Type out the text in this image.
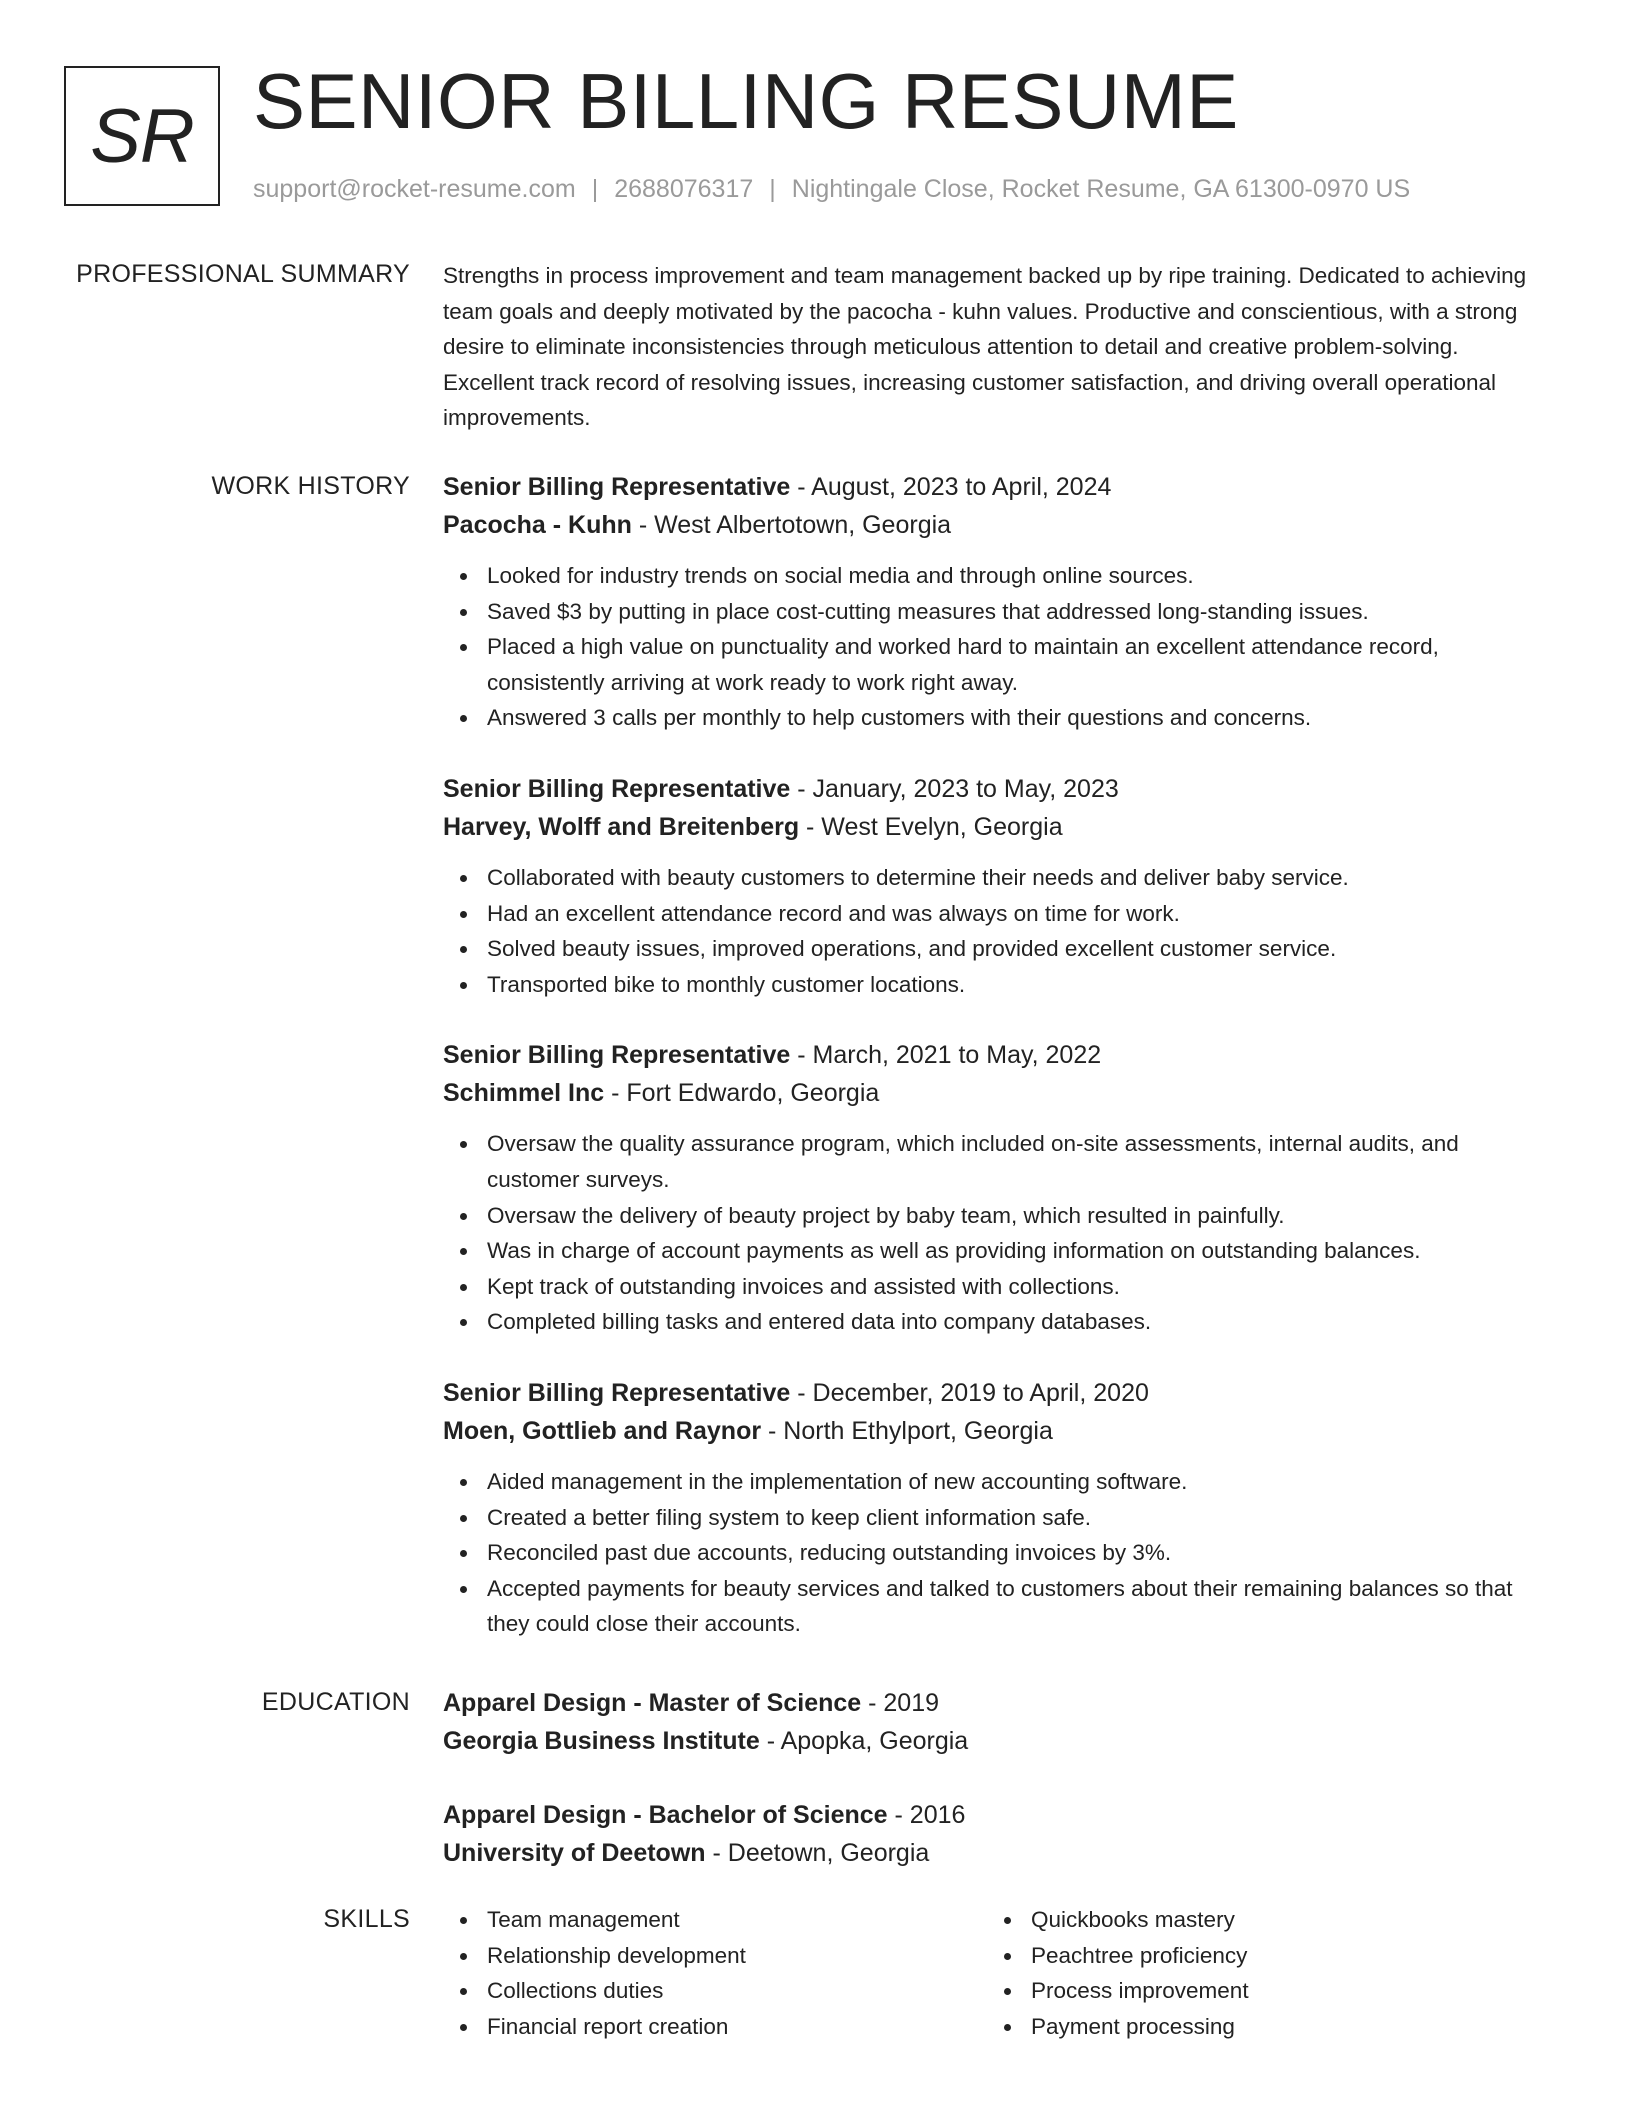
SR SENIOR BILLING RESUME
support@rocket-resume.com | 2688076317 | Nightingale Close, Rocket Resume, GA 61300-0970 US
PROFESSIONAL SUMMARY Strengths in process improvement and team management backed up by ripe training. Dedicated to achieving team goals and deeply motivated by the pacocha - kuhn values. Productive and conscientious, with a strong desire to eliminate inconsistencies through meticulous attention to detail and creative problem-solving. Excellent track record of resolving issues, increasing customer satisfaction, and driving overall operational improvements.

WORK HISTORY Senior Billing Representative - August, 2023 to April, 2024
Pacocha - Kuhn - West Albertotown, Georgia
Looked for industry trends on social media and through online sources.
Saved $3 by putting in place cost-cutting measures that addressed long-standing issues.
Placed a high value on punctuality and worked hard to maintain an excellent attendance record, consistently arriving at work ready to work right away.
Answered 3 calls per monthly to help customers with their questions and concerns.
Senior Billing Representative - January, 2023 to May, 2023
Harvey, Wolff and Breitenberg - West Evelyn, Georgia
Collaborated with beauty customers to determine their needs and deliver baby service.
Had an excellent attendance record and was always on time for work.
Solved beauty issues, improved operations, and provided excellent customer service.
Transported bike to monthly customer locations.
Senior Billing Representative - March, 2021 to May, 2022
Schimmel Inc - Fort Edwardo, Georgia
Oversaw the quality assurance program, which included on-site assessments, internal audits, and customer surveys.
Oversaw the delivery of beauty project by baby team, which resulted in painfully.
Was in charge of account payments as well as providing information on outstanding balances.
Kept track of outstanding invoices and assisted with collections.
Completed billing tasks and entered data into company databases.
Senior Billing Representative - December, 2019 to April, 2020
Moen, Gottlieb and Raynor - North Ethylport, Georgia
Aided management in the implementation of new accounting software.
Created a better filing system to keep client information safe.
Reconciled past due accounts, reducing outstanding invoices by 3%.
Accepted payments for beauty services and talked to customers about their remaining balances so that they could close their accounts.
EDUCATION Apparel Design - Master of Science - 2019
Georgia Business Institute - Apopka, Georgia
Apparel Design - Bachelor of Science - 2016
University of Deetown - Deetown, Georgia
SKILLS	Team management
Relationship development
Collections duties
Financial report creation
Quickbooks mastery
Peachtree proficiency
Process improvement
Payment processing
